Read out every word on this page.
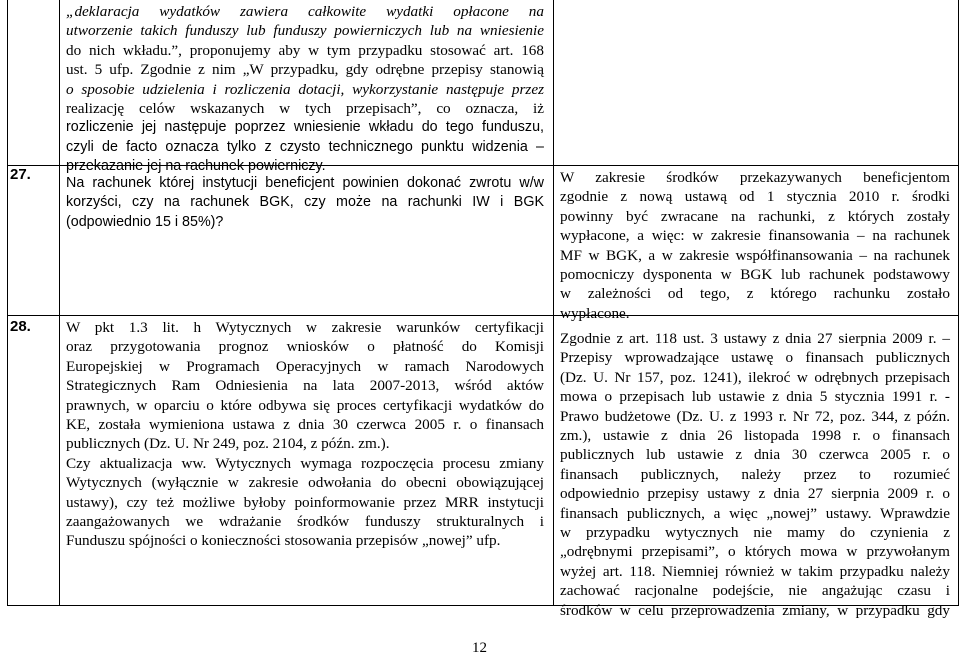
„deklaracja wydatków zawiera całkowite wydatki opłacone na
utworzenie takich funduszy lub funduszy powierniczych lub na wniesienie
do nich wkładu.”, proponujemy aby w tym przypadku stosować art. 168
ust. 5 ufp. Zgodnie z nim „W przypadku, gdy odrębne przepisy stanowią
o sposobie udzielenia i rozliczenia dotacji, wykorzystanie następuje przez
realizację celów wskazanych w tych przepisach”, co oznacza, iż
rozliczenie jej następuje poprzez wniesienie wkładu do tego funduszu,
czyli de facto oznacza tylko z czysto technicznego punktu widzenia –
przekazanie jej na rachunek powierniczy.
27. Na rachunek której instytucji beneficjent powinien dokonać zwrotu w/w
korzyści, czy na rachunek BGK, czy może na rachunki IW i BGK
(odpowiednio 15 i 85%)?
W zakresie środków przekazywanych beneficjentom
zgodnie z nową ustawą od 1 stycznia 2010 r. środki
powinny być zwracane na rachunki, z których zostały
wypłacone, a więc: w zakresie finansowania – na rachunek
MF w BGK, a w zakresie współfinansowania – na rachunek
pomocniczy dysponenta w BGK lub rachunek podstawowy
w zależności od tego, z którego rachunku zostało
wypłacone.
28. W pkt 1.3 lit. h Wytycznych w zakresie warunków certyfikacji
oraz przygotowania prognoz wniosków o płatność do Komisji
Europejskiej w Programach Operacyjnych w ramach Narodowych
Strategicznych Ram Odniesienia na lata 2007-2013, wśród aktów
prawnych, w oparciu o które odbywa się proces certyfikacji wydatków do
KE, została wymieniona ustawa z dnia 30 czerwca 2005 r. o finansach
publicznych (Dz. U. Nr 249, poz. 2104, z późn. zm.).
Czy aktualizacja ww. Wytycznych wymaga rozpoczęcia procesu zmiany
Wytycznych (wyłącznie w zakresie odwołania do obecni obowiązującej
ustawy), czy też możliwe byłoby poinformowanie przez MRR instytucji
zaangażowanych we wdrażanie środków funduszy strukturalnych i
Funduszu spójności o konieczności stosowania przepisów „nowej” ufp.
Zgodnie z art. 118 ust. 3 ustawy z dnia 27 sierpnia 2009 r. –
Przepisy wprowadzające ustawę o finansach publicznych
(Dz. U. Nr 157, poz. 1241), ilekroć w odrębnych przepisach
mowa o przepisach lub ustawie z dnia 5 stycznia 1991 r. -
Prawo budżetowe (Dz. U. z 1993 r. Nr 72, poz. 344, z późn.
zm.), ustawie z dnia 26 listopada 1998 r. o finansach
publicznych lub ustawie z dnia 30 czerwca 2005 r. o
finansach publicznych, należy przez to rozumieć
odpowiednio przepisy ustawy z dnia 27 sierpnia 2009 r. o
finansach publicznych, a więc „nowej” ustawy. Wprawdzie
w przypadku wytycznych nie mamy do czynienia z
„odrębnymi przepisami”, o których mowa w przywołanym
wyżej art. 118. Niemniej również w takim przypadku należy
zachować racjonalne podejście, nie angażując czasu i
środków w celu przeprowadzenia zmiany, w przypadku gdy
12
